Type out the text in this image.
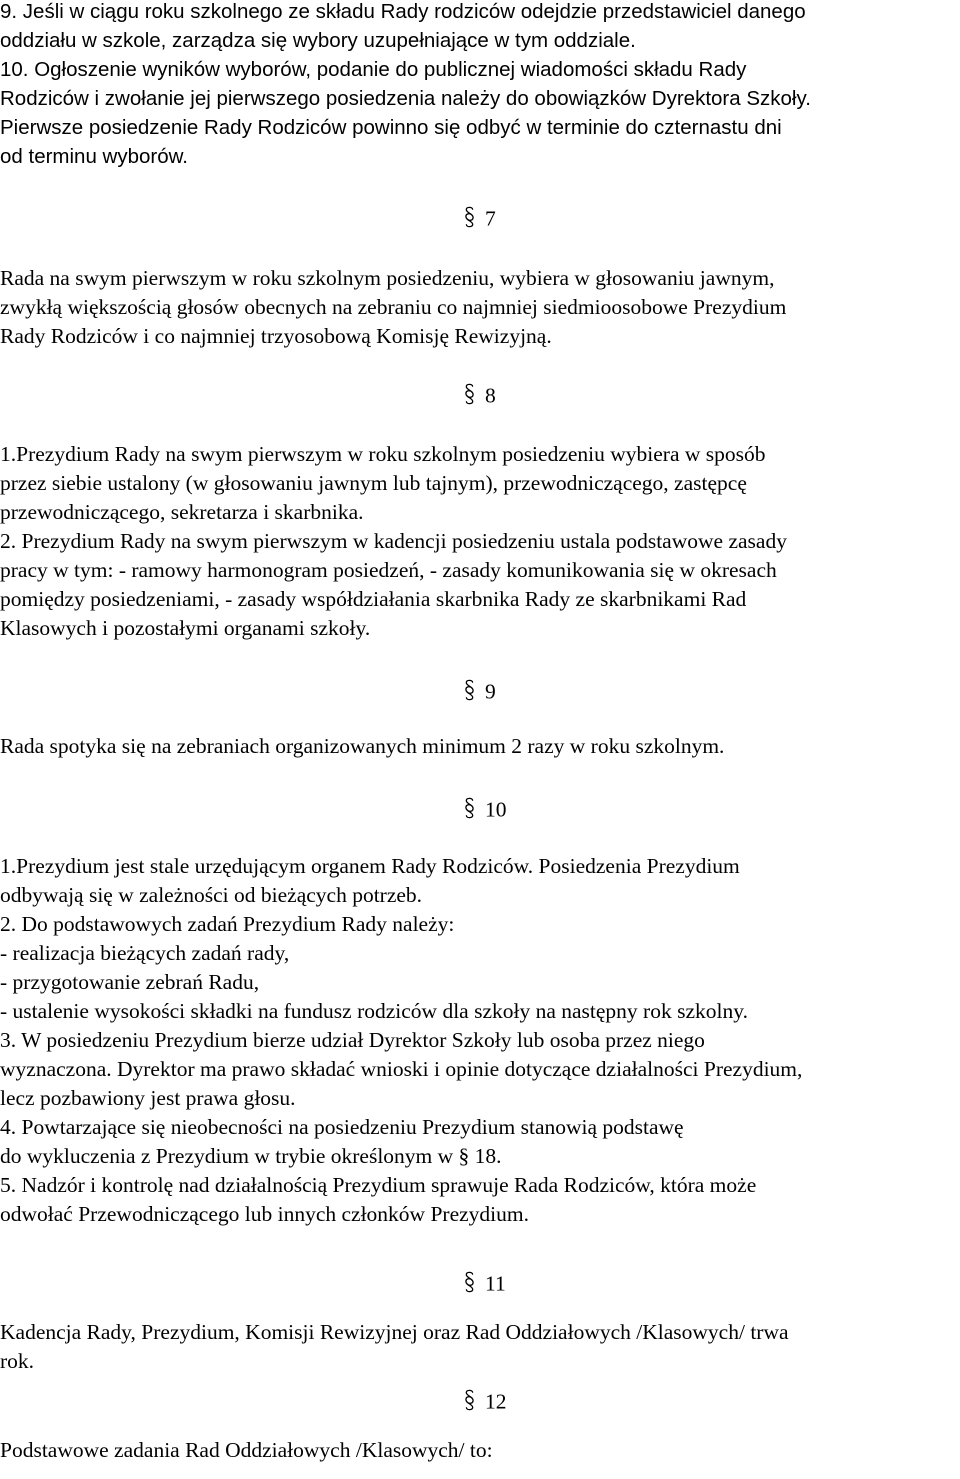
9. Jeśli w ciągu roku szkolnego ze składu Rady rodziców odejdzie przedstawiciel danego
oddziału w szkole, zarządza się wybory uzupełniające w tym oddziale.
10. Ogłoszenie wyników wyborów, podanie do publicznej wiadomości składu Rady
Rodziców i zwołanie jej pierwszego posiedzenia należy do obowiązków Dyrektora Szkoły.
Pierwsze posiedzenie Rady Rodziców powinno się odbyć w terminie do czternastu dni
od terminu wyborów.
Rada na swym pierwszym w roku szkolnym posiedzeniu, wybiera w głosowaniu jawnym,
zwykłą większością głosów obecnych na zebraniu co najmniej siedmioosobowe Prezydium
Rady Rodziców i co najmniej trzyosobową Komisję Rewizyjną.
1.Prezydium Rady na swym pierwszym w roku szkolnym posiedzeniu wybiera w sposób
przez siebie ustalony (w głosowaniu jawnym lub tajnym), przewodniczącego, zastępcę
przewodniczącego, sekretarza i skarbnika.
2. Prezydium Rady na swym pierwszym w kadencji posiedzeniu ustala podstawowe zasady
pracy w tym: - ramowy harmonogram posiedzeń, - zasady komunikowania się w okresach
pomiędzy posiedzeniami, - zasady współdziałania skarbnika Rady ze skarbnikami Rad
Klasowych i pozostałymi organami szkoły.
Rada spotyka się na zebraniach organizowanych minimum 2 razy w roku szkolnym.
1.Prezydium jest stale urzędującym organem Rady Rodziców. Posiedzenia Prezydium
odbywają się w zależności od bieżących potrzeb.
2. Do podstawowych zadań Prezydium Rady należy:
- realizacja bieżących zadań rady,
- przygotowanie zebrań Radu,
- ustalenie wysokości składki na fundusz rodziców dla szkoły na następny rok szkolny.
3. W posiedzeniu Prezydium bierze udział Dyrektor Szkoły lub osoba przez niego
wyznaczona. Dyrektor ma prawo składać wnioski i opinie dotyczące działalności Prezydium,
lecz pozbawiony jest prawa głosu.
4. Powtarzające się nieobecności na posiedzeniu Prezydium stanowią podstawę
do wykluczenia z Prezydium w trybie określonym w § 18.
5. Nadzór i kontrolę nad działalnością Prezydium sprawuje Rada Rodziców, która może
odwołać Przewodniczącego lub innych członków Prezydium.
Kadencja Rady, Prezydium, Komisji Rewizyjnej oraz Rad Oddziałowych /Klasowych/ trwa
rok.
Podstawowe zadania Rad Oddziałowych /Klasowych/ to:
7
8
9
10
11
12
